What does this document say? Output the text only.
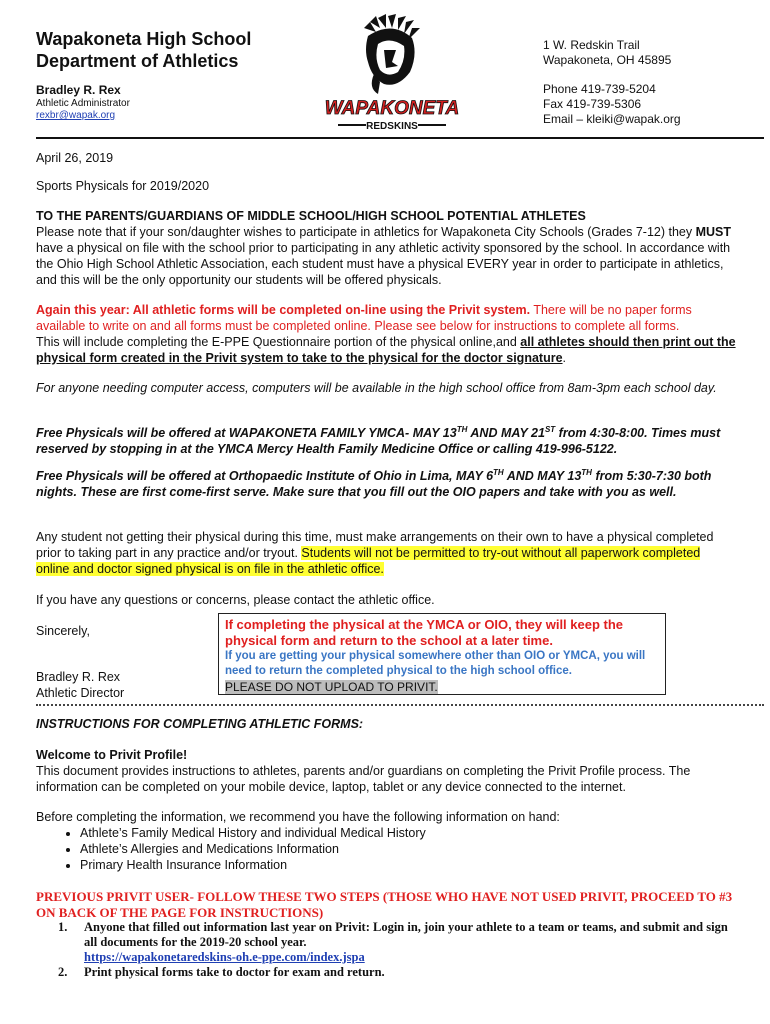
Wapakoneta High School
Department of Athletics
Bradley R. Rex
Athletic Administrator
rexbr@wapak.org	WAPAKONETA
REDSKINS
1 W. Redskin Trail
Wapakoneta, OH 45895
Phone 419-739-5204
Fax 419-739-5306
Email – kleiki@wapak.org
April 26, 2019
Sports Physicals for 2019/2020
TO THE PARENTS/GUARDIANS OF MIDDLE SCHOOL/HIGH SCHOOL POTENTIAL ATHLETES
Please note that if your son/daughter wishes to participate in athletics for Wapakoneta City Schools (Grades 7-12) they MUST have a physical on file with the school prior to participating in any athletic activity sponsored by the school. In accordance with the Ohio High School Athletic Association, each student must have a physical EVERY year in order to participate in athletics, and this will be the only opportunity our students will be offered physicals.
Again this year: All athletic forms will be completed on-line using the Privit system. There will be no paper forms available to write on and all forms must be completed online. Please see below for instructions to complete all forms.
This will include completing the E-PPE Questionnaire portion of the physical online,and all athletes should then print out the physical form created in the Privit system to take to the physical for the doctor signature.
For anyone needing computer access, computers will be available in the high school office from 8am-3pm each school day.
Free Physicals will be offered at WAPAKONETA FAMILY YMCA- MAY 13TH AND MAY 21ST from 4:30-8:00. Times must reserved by stopping in at the YMCA Mercy Health Family Medicine Office or calling 419-996-5122.
Free Physicals will be offered at Orthopaedic Institute of Ohio in Lima, MAY 6TH AND MAY 13TH from 5:30-7:30 both nights. These are first come-first serve. Make sure that you fill out the OIO papers and take with you as well.
Any student not getting their physical during this time, must make arrangements on their own to have a physical completed prior to taking part in any practice and/or tryout. Students will not be permitted to try-out without all paperwork completed online and doctor signed physical is on file in the athletic office.
If you have any questions or concerns, please contact the athletic office.
Sincerely,
Bradley R. Rex
Athletic Director
If completing the physical at the YMCA or OIO, they will keep the physical form and return to the school at a later time.
If you are getting your physical somewhere other than OIO or YMCA, you will need to return the completed physical to the high school office.
PLEASE DO NOT UPLOAD TO PRIVIT.
INSTRUCTIONS FOR COMPLETING ATHLETIC FORMS:
Welcome to Privit Profile!
This document provides instructions to athletes, parents and/or guardians on completing the Privit Profile process. The information can be completed on your mobile device, laptop, tablet or any device connected to the internet.
Before completing the information, we recommend you have the following information on hand:
• Athlete’s Family Medical History and individual Medical History
• Athlete’s Allergies and Medications Information
• Primary Health Insurance Information
PREVIOUS PRIVIT USER- FOLLOW THESE TWO STEPS (THOSE WHO HAVE NOT USED PRIVIT, PROCEED TO #3 ON BACK OF THE PAGE FOR INSTRUCTIONS)
1. Anyone that filled out information last year on Privit: Login in, join your athlete to a team or teams, and submit and sign all documents for the 2019-20 school year.
https://wapakonetaredskins-oh.e-ppe.com/index.jspa
2. Print physical forms take to doctor for exam and return.
